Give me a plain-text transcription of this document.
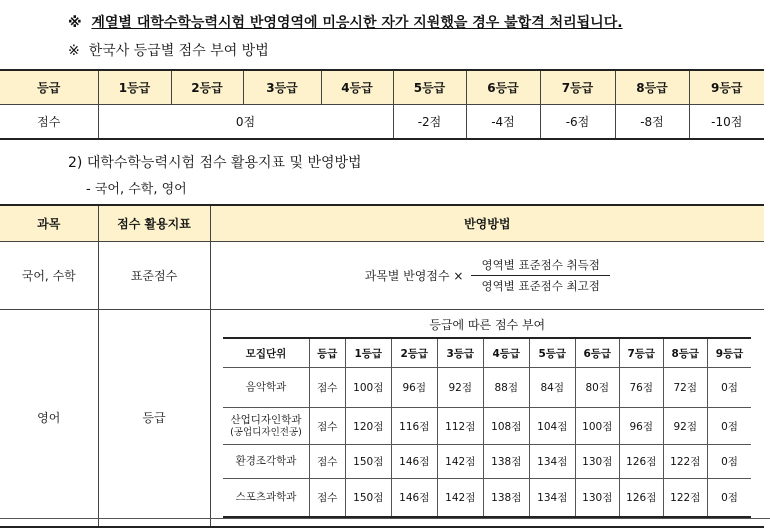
※ 계열별 대학수학능력시험 반영영역에 미응시한 자가 지원했을 경우 불합격 처리됩니다.
※ 한국사 등급별 점수 부여 방법
등급	1등급	2등급	3등급	4등급	5등급	6등급	7등급	8등급	9등급
점수	0점				-2점	-4점	-6점	-8점	-10점
2) 대학수학능력시험 점수 활용지표 및 반영방법
- 국어, 수학, 영어
과목	점수 활용지표	반영방법
국어, 수학	표준점수	과목별 반영점수 × $\frac{\text{영역별 표준점수 취득점}}{\text{영역별 표준점수 최고점}}$

영어	등급	
등급에 따른 점수 부여
모집단위	등급	1등급	2등급	3등급	4등급	5등급	6등급	7등급	8등급	9등급
음악학과	점수	100점	96점	92점	88점	84점	80점	76점	72점	0점
산업디자인학과
(공업디자인전공)	점수	120점	116점	112점	108점	104점	100점	96점	92점	0점
환경조각학과	점수	150점	146점	142점	138점	134점	130점	126점	122점	0점
스포츠과학과	점수	150점	146점	142점	138점	134점	130점	126점	122점	0점
